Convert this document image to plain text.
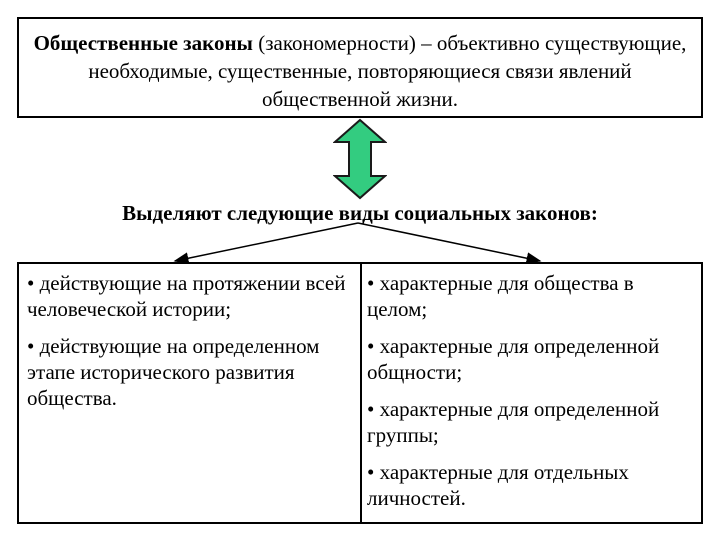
Общественные законы (закономерности) – объективно существующие, необходимые, существенные, повторяющиеся связи явлений общественной жизни.
Выделяют следующие виды социальных законов:

• действующие на протяжении всей человеческой истории;

• действующие на определенном этапе исторического развития общества.

• характерные для общества в целом;

• характерные для определенной общности;

• характерные для определенной группы;

• характерные для отдельных личностей.
